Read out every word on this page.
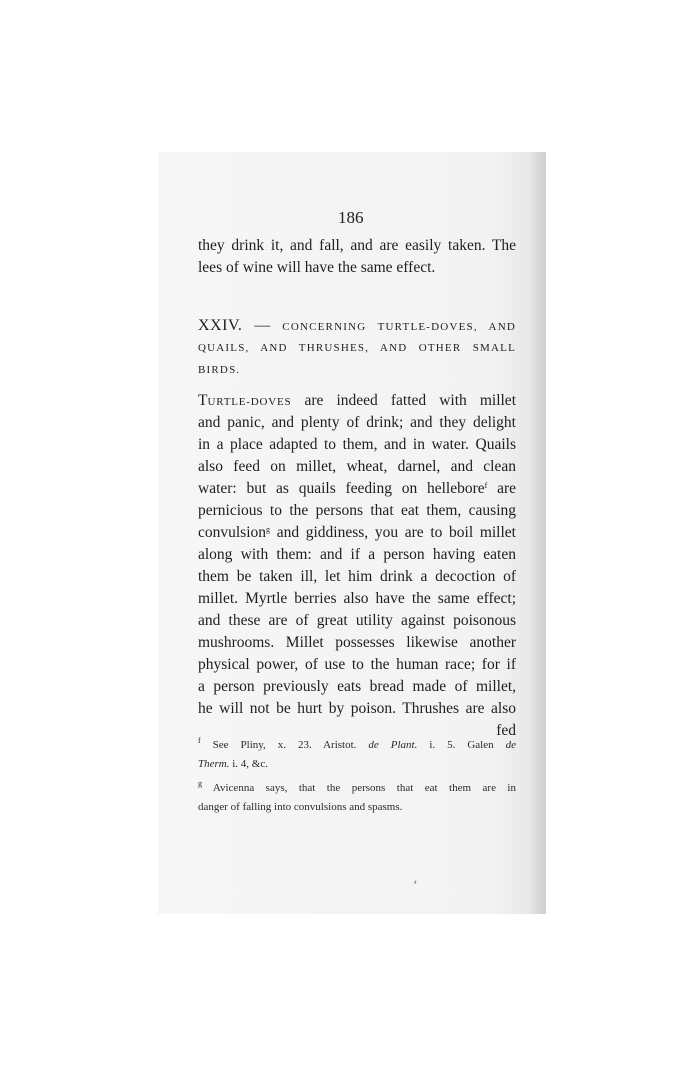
186
they drink it, and fall, and are easily taken. The
lees of wine will have the same effect.
XXIV. — CONCERNING TURTLE-DOVES, AND
QUAILS, AND THRUSHES, AND OTHER SMALL
BIRDS.
TURTLE-DOVES are indeed fatted with millet
and panic, and plenty of drink; and they delight
in a place adapted to them, and in water. Quails
also feed on millet, wheat, darnel, and clean
water: but as quails feeding on hellebore$^f$ are
pernicious to the persons that eat them, causing
convulsion$^g$ and giddiness, you are to boil millet
along with them: and if a person having eaten
them be taken ill, let him drink a decoction of
millet. Myrtle berries also have the same effect;
and these are of great utility against poisonous
mushrooms. Millet possesses likewise another
physical power, of use to the human race; for if
a person previously eats bread made of millet,
he will not be hurt by poison. Thrushes are also
fed
$^f$ See Pliny, x. 23. Aristot. de Plant. i. 5. Galen de
Therm. i. 4, &c.
$^g$ Avicenna says, that the persons that eat them are in
danger of falling into convulsions and spasms.
ʻ
